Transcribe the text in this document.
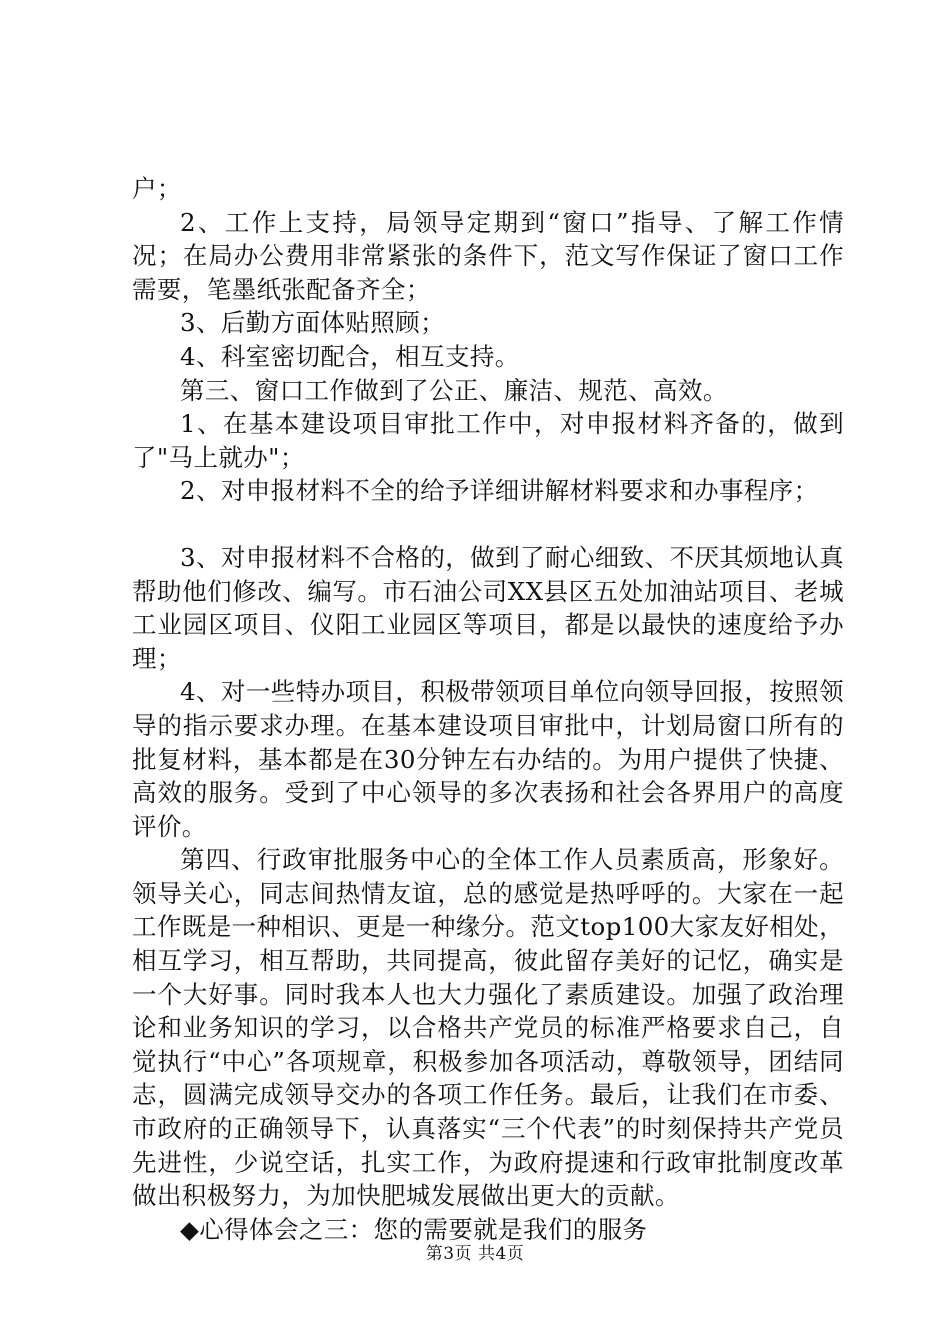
户；

2、工作上支持，局领导定期到“窗口”指导、了解工作情况；在局办公费用非常紧张的条件下，范文写作保证了窗口工作需要，笔墨纸张配备齐全；

3、后勤方面体贴照顾；

4、科室密切配合，相互支持。

第三、窗口工作做到了公正、廉洁、规范、高效。

1、在基本建设项目审批工作中，对申报材料齐备的，做到了"马上就办"；

2、对申报材料不全的给予详细讲解材料要求和办事程序；

3、对申报材料不合格的，做到了耐心细致、不厌其烦地认真帮助他们修改、编写。市石油公司XX县区五处加油站项目、老城工业园区项目、仪阳工业园区等项目，都是以最快的速度给予办理；

4、对一些特办项目，积极带领项目单位向领导回报，按照领导的指示要求办理。在基本建设项目审批中，计划局窗口所有的批复材料，基本都是在30分钟左右办结的。为用户提供了快捷、高效的服务。受到了中心领导的多次表扬和社会各界用户的高度评价。

第四、行政审批服务中心的全体工作人员素质高，形象好。领导关心，同志间热情友谊，总的感觉是热呼呼的。大家在一起工作既是一种相识、更是一种缘分。范文top100大家友好相处，相互学习，相互帮助，共同提高，彼此留存美好的记忆，确实是一个大好事。同时我本人也大力强化了素质建设。加强了政治理论和业务知识的学习，以合格共产党员的标准严格要求自己，自觉执行“中心”各项规章，积极参加各项活动，尊敬领导，团结同志，圆满完成领导交办的各项工作任务。最后，让我们在市委、市政府的正确领导下，认真落实“三个代表”的时刻保持共产党员先进性，少说空话，扎实工作，为政府提速和行政审批制度改革做出积极努力，为加快肥城发展做出更大的贡献。

◆心得体会之三：您的需要就是我们的服务

第3页 共4页
